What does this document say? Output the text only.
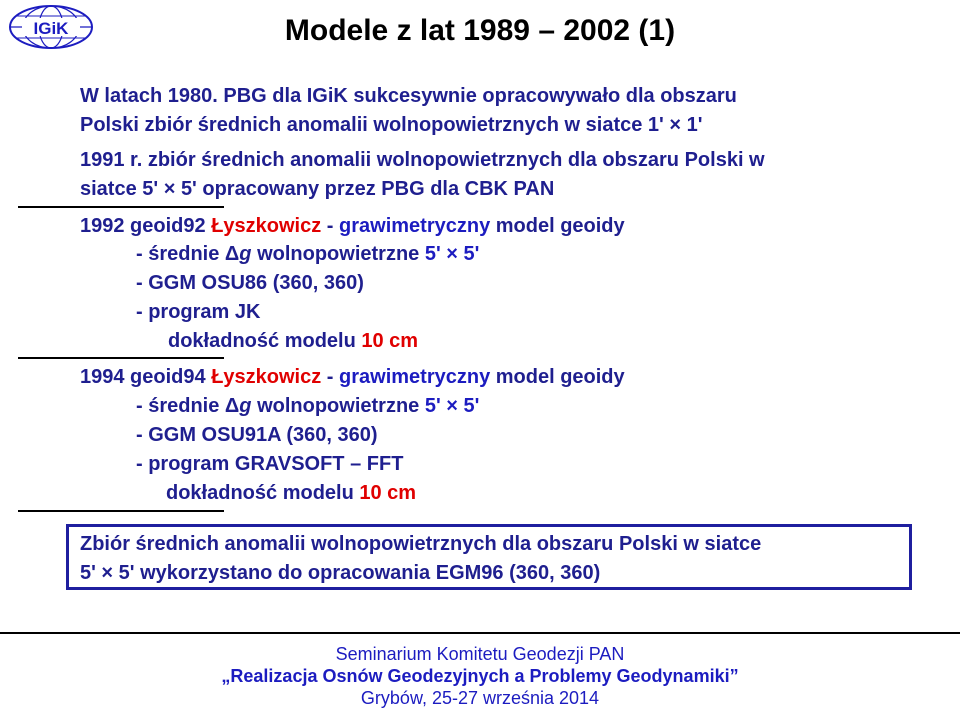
IGiK	Modele z lat 1989 – 2002 (1)
W latach 1980. PBG dla IGiK sukcesywnie opracowywało dla obszaru
Polski zbiór średnich anomalii wolnopowietrznych w siatce 1' × 1'
1991 r. zbiór średnich anomalii wolnopowietrznych dla obszaru Polski w
siatce 5' × 5' opracowany przez PBG dla CBK PAN
1992 geoid92 Łyszkowicz - grawimetryczny model geoidy
- średnie Δg wolnopowietrzne 5' × 5'
- GGM OSU86 (360, 360)
- program JK
dokładność modelu 10 cm
1994 geoid94 Łyszkowicz - grawimetryczny model geoidy
- średnie Δg wolnopowietrzne 5' × 5'
- GGM OSU91A (360, 360)
- program GRAVSOFT – FFT
dokładność modelu 10 cm
Zbiór średnich anomalii wolnopowietrznych dla obszaru Polski w siatce
5' × 5' wykorzystano do opracowania EGM96 (360, 360)
Seminarium Komitetu Geodezji PAN
„Realizacja Osnów Geodezyjnych a Problemy Geodynamiki”
Grybów, 25-27 września 2014
